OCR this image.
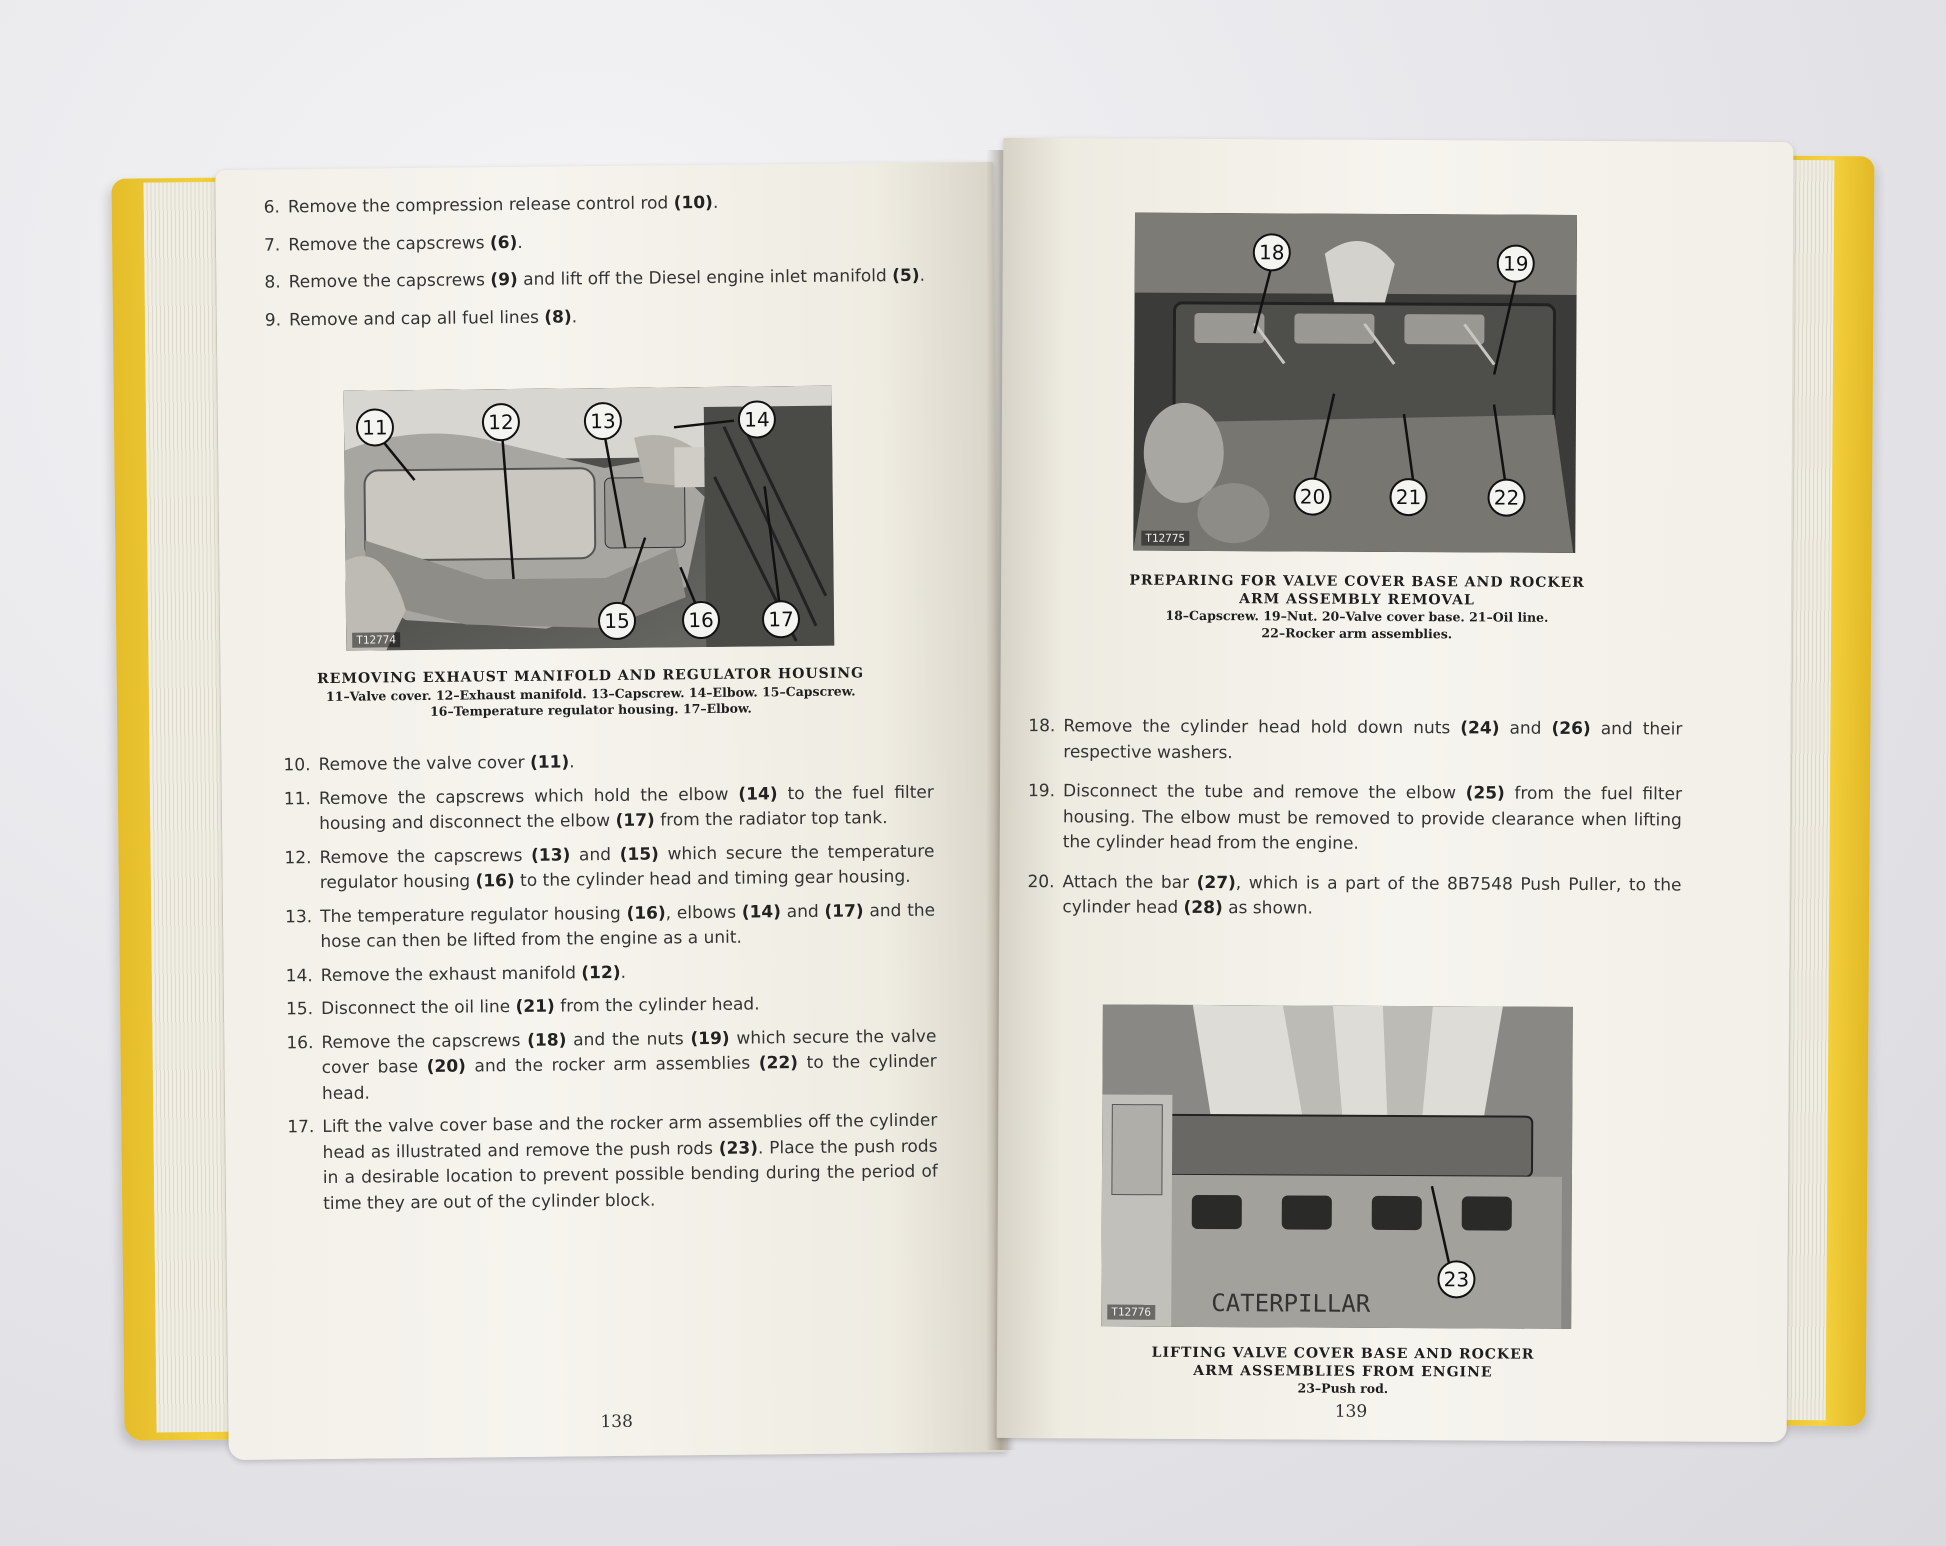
6. Remove the compression release control rod (10).
7. Remove the capscrews (6).
8. Remove the capscrews (9) and lift off the Diesel engine inlet manifold (5).
9. Remove and cap all fuel lines (8).
11	12	13	14
15	16	17
T12774
REMOVING EXHAUST MANIFOLD AND REGULATOR HOUSING
11–Valve cover. 12–Exhaust manifold. 13–Capscrew. 14–Elbow. 15–Capscrew.
16–Temperature regulator housing. 17–Elbow.
10. Remove the valve cover (11).
11. Remove the capscrews which hold the elbow (14) to the fuel filter housing and disconnect the elbow (17) from the radiator top tank.
12. Remove the capscrews (13) and (15) which secure the temperature regulator housing (16) to the cylinder head and timing gear housing.
13. The temperature regulator housing (16), elbows (14) and (17) and the hose can then be lifted from the engine as a unit.
14. Remove the exhaust manifold (12).
15. Disconnect the oil line (21) from the cylinder head.
16. Remove the capscrews (18) and the nuts (19) which secure the valve cover base (20) and the rocker arm assemblies (22) to the cylinder head.
17. Lift the valve cover base and the rocker arm assemblies off the cylinder head as illustrated and remove the push rods (23). Place the push rods in a desirable location to prevent possible bending during the period of time they are out of the cylinder block.
138
18	19
20	21	22
T12775
PREPARING FOR VALVE COVER BASE AND ROCKER
ARM ASSEMBLY REMOVAL
18–Capscrew. 19–Nut. 20–Valve cover base. 21–Oil line.
22–Rocker arm assemblies.
18. Remove the cylinder head hold down nuts (24) and (26) and their respective washers.
19. Disconnect the tube and remove the elbow (25) from the fuel filter housing. The elbow must be removed to provide clearance when lifting the cylinder head from the engine.
20. Attach the bar (27), which is a part of the 8B7548 Push Puller, to the cylinder head (28) as shown.
CATERPILLAR
23
T12776
LIFTING VALVE COVER BASE AND ROCKER
ARM ASSEMBLIES FROM ENGINE
23–Push rod.
139
